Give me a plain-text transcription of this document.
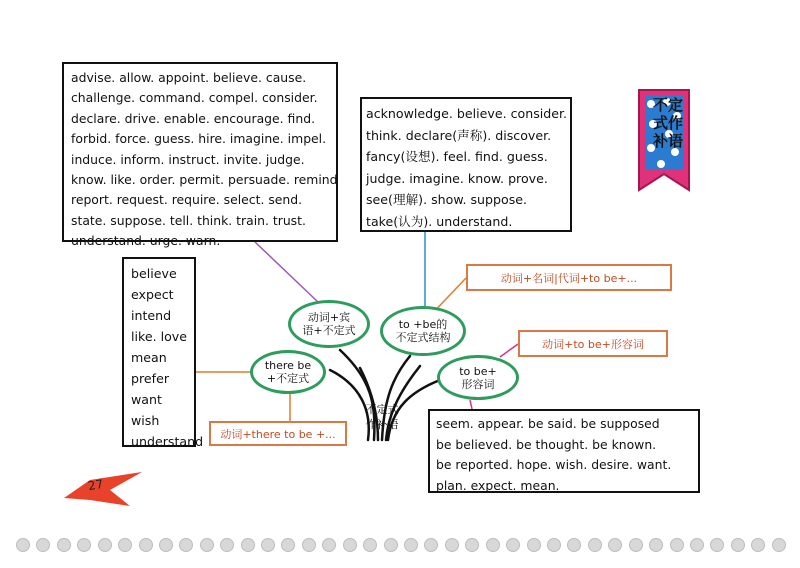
advise. allow. appoint. believe. cause.
challenge. command. compel. consider.
declare. drive. enable. encourage. find.
forbid. force. guess. hire. imagine. impel.
induce. inform. instruct. invite. judge.
know. like. order. permit. persuade. remind
report. request. require. select. send.
state. suppose. tell. think. train. trust.
understand. urge. warn.
acknowledge. believe. consider.
think. declare(声称). discover.
fancy(设想). feel. find. guess.
judge. imagine. know. prove.
see(理解). show. suppose.
take(认为). understand.
believe
expect
intend
like. love
mean
prefer
want
wish
understand
seem. appear. be said. be supposed
be believed. be thought. be known.
be reported. hope. wish. desire. want.
plan. expect. mean.
动词+there to be +...
动词+名词|代词+to be+...
动词+to be+形容词
动词+宾
语+不定式	to +be的
不定式结构
there be
+不定式
to be+
形容词
不定式作补语
不定式作补语
27
